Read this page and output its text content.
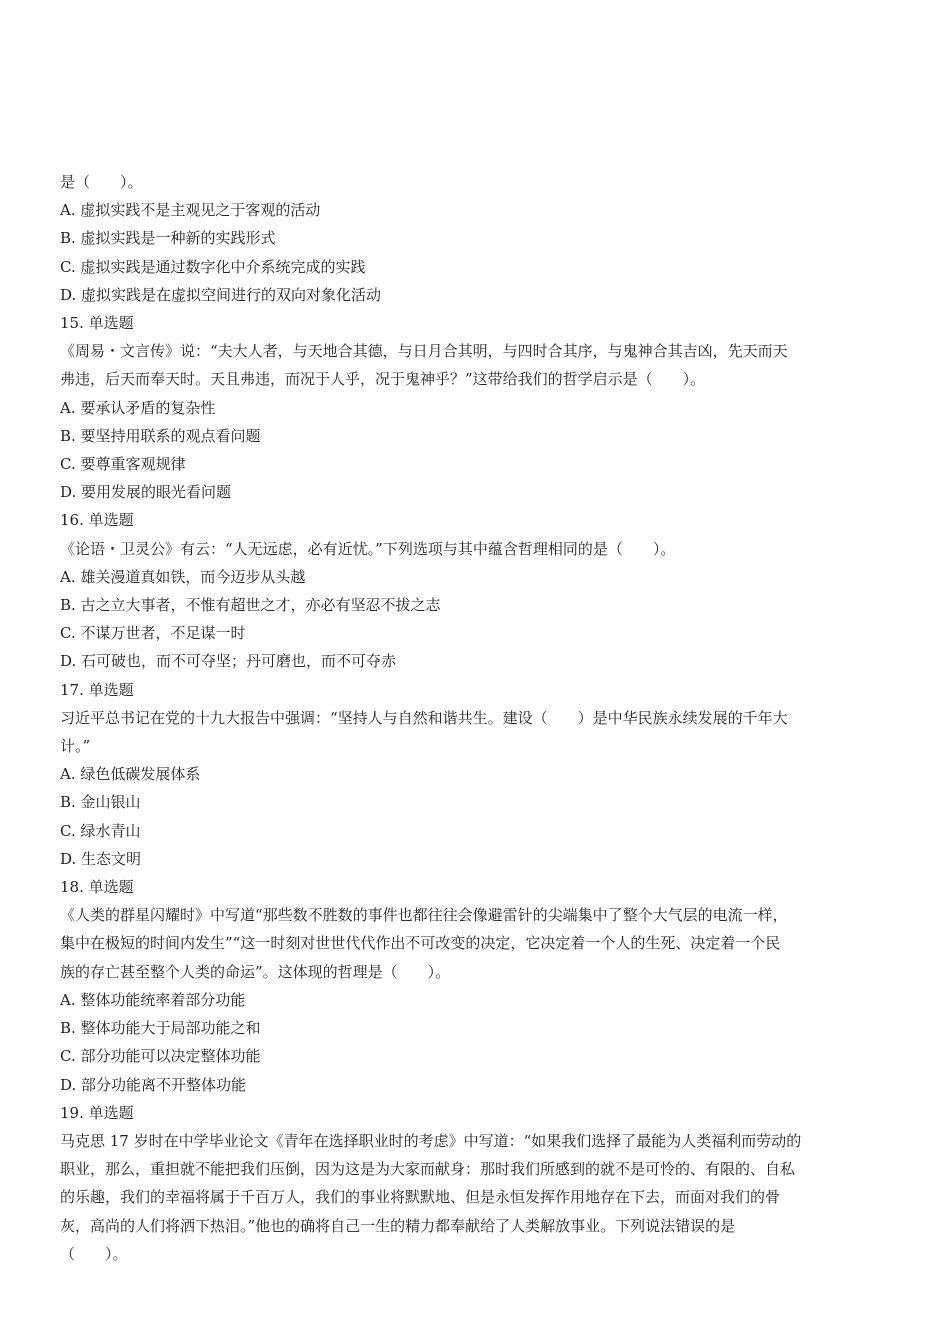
是（　　）。
A. 虚拟实践不是主观见之于客观的活动
B. 虚拟实践是一种新的实践形式
C. 虚拟实践是通过数字化中介系统完成的实践
D. 虚拟实践是在虚拟空间进行的双向对象化活动
15. 单选题
《周易・文言传》说：“夫大人者，与天地合其德，与日月合其明，与四时合其序，与鬼神合其吉凶，先天而天
弗违，后天而奉天时。天且弗违，而况于人乎，况于鬼神乎？”这带给我们的哲学启示是（　　）。
A. 要承认矛盾的复杂性
B. 要坚持用联系的观点看问题
C. 要尊重客观规律
D. 要用发展的眼光看问题
16. 单选题
《论语・卫灵公》有云：“人无远虑，必有近忧。”下列选项与其中蕴含哲理相同的是（　　）。
A. 雄关漫道真如铁，而今迈步从头越
B. 古之立大事者，不惟有超世之才，亦必有坚忍不拔之志
C. 不谋万世者，不足谋一时
D. 石可破也，而不可夺坚；丹可磨也，而不可夺赤
17. 单选题
习近平总书记在党的十九大报告中强调：“坚持人与自然和谐共生。建设（　　）是中华民族永续发展的千年大
计。”
A. 绿色低碳发展体系
B. 金山银山
C. 绿水青山
D. 生态文明
18. 单选题
《人类的群星闪耀时》中写道“那些数不胜数的事件也都往往会像避雷针的尖端集中了整个大气层的电流一样，
集中在极短的时间内发生”“这一时刻对世世代代作出不可改变的决定，它决定着一个人的生死、决定着一个民
族的存亡甚至整个人类的命运”。这体现的哲理是（　　）。
A. 整体功能统率着部分功能
B. 整体功能大于局部功能之和
C. 部分功能可以决定整体功能
D. 部分功能离不开整体功能
19. 单选题
马克思 17 岁时在中学毕业论文《青年在选择职业时的考虑》中写道：“如果我们选择了最能为人类福利而劳动的
职业，那么，重担就不能把我们压倒，因为这是为大家而献身：那时我们所感到的就不是可怜的、有限的、自私
的乐趣，我们的幸福将属于千百万人，我们的事业将默默地、但是永恒发挥作用地存在下去，而面对我们的骨
灰，高尚的人们将洒下热泪。”他也的确将自己一生的精力都奉献给了人类解放事业。下列说法错误的是
（　　）。
